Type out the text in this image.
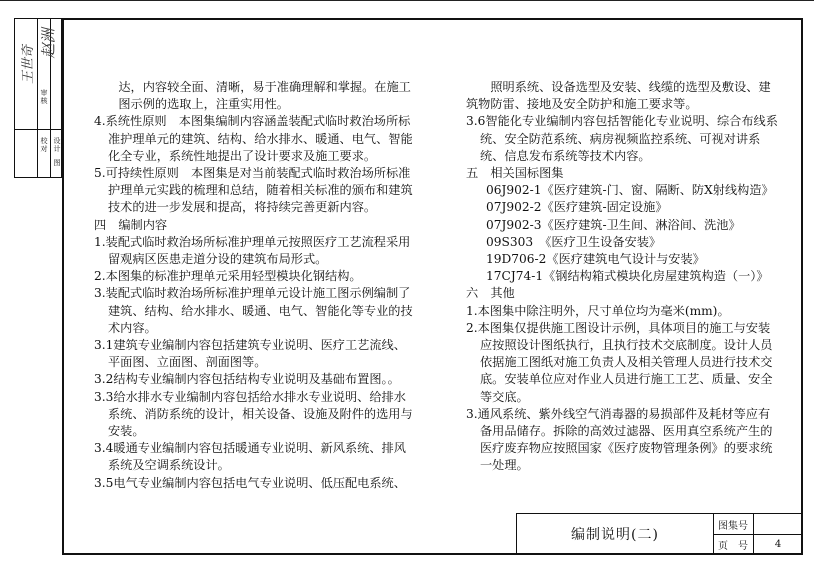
王世奇
赵洲
审核
校对
设计
图

　　达，内容较全面、清晰，易于准确理解和掌握。在施工

　　图示例的选取上，注重实用性。

4.系统性原则　本图集编制内容涵盖装配式临时救治场所标准护理单元的建筑、结构、给水排水、暖通、电气、智能化全专业，系统性地提出了设计要求及施工要求。

5.可持续性原则　本图集是对当前装配式临时救治场所标准护理单元实践的梳理和总结，随着相关标准的颁布和建筑技术的进一步发展和提高，将持续完善更新内容。

四　编制内容

1.装配式临时救治场所标准护理单元按照医疗工艺流程采用留观病区医患走道分设的建筑布局形式。

2.本图集的标准护理单元采用轻型模块化钢结构。

3.装配式临时救治场所标准护理单元设计施工图示例编制了建筑、结构、给水排水、暖通、电气、智能化等专业的技术内容。

3.1建筑专业编制内容包括建筑专业说明、医疗工艺流线、平面图、立面图、剖面图等。

3.2结构专业编制内容包括结构专业说明及基础布置图。。

3.3给水排水专业编制内容包括给水排水专业说明、给排水系统、消防系统的设计，相关设备、设施及附件的选用与安装。

3.4暖通专业编制内容包括暖通专业说明、新风系统、排风系统及空调系统设计。

3.5电气专业编制内容包括电气专业说明、低压配电系统、

　　照明系统、设备选型及安装、线缆的选型及敷设、建筑物防雷、接地及安全防护和施工要求等。

3.6智能化专业编制内容包括智能化专业说明、综合布线系统、安全防范系统、病房视频监控系统、可视对讲系统、信息发布系统等技术内容。

五　相关国标图集

06J902-1《医疗建筑-门、窗、隔断、防X射线构造》

07J902-2《医疗建筑-固定设施》

07J902-3《医疗建筑-卫生间、淋浴间、洗池》

09S303　《医疗卫生设备安装》

19D706-2《医疗建筑电气设计与安装》

17CJ74-1《钢结构箱式模块化房屋建筑构造（一）》

六　其他

1.本图集中除注明外，尺寸单位均为毫米(mm)。

2.本图集仅提供施工图设计示例，具体项目的施工与安装应按照设计图纸执行，且执行技术交底制度。设计人员依据施工图纸对施工负责人及相关管理人员进行技术交底。安装单位应对作业人员进行施工工艺、质量、安全等交底。

3.通风系统、紫外线空气消毒器的易损部件及耗材等应有备用品储存。拆除的高效过滤器、医用真空系统产生的医疗废弃物应按照国家《医疗废物管理条例》的要求统一处理。

编制说明(二)
图集号
页　号	4
